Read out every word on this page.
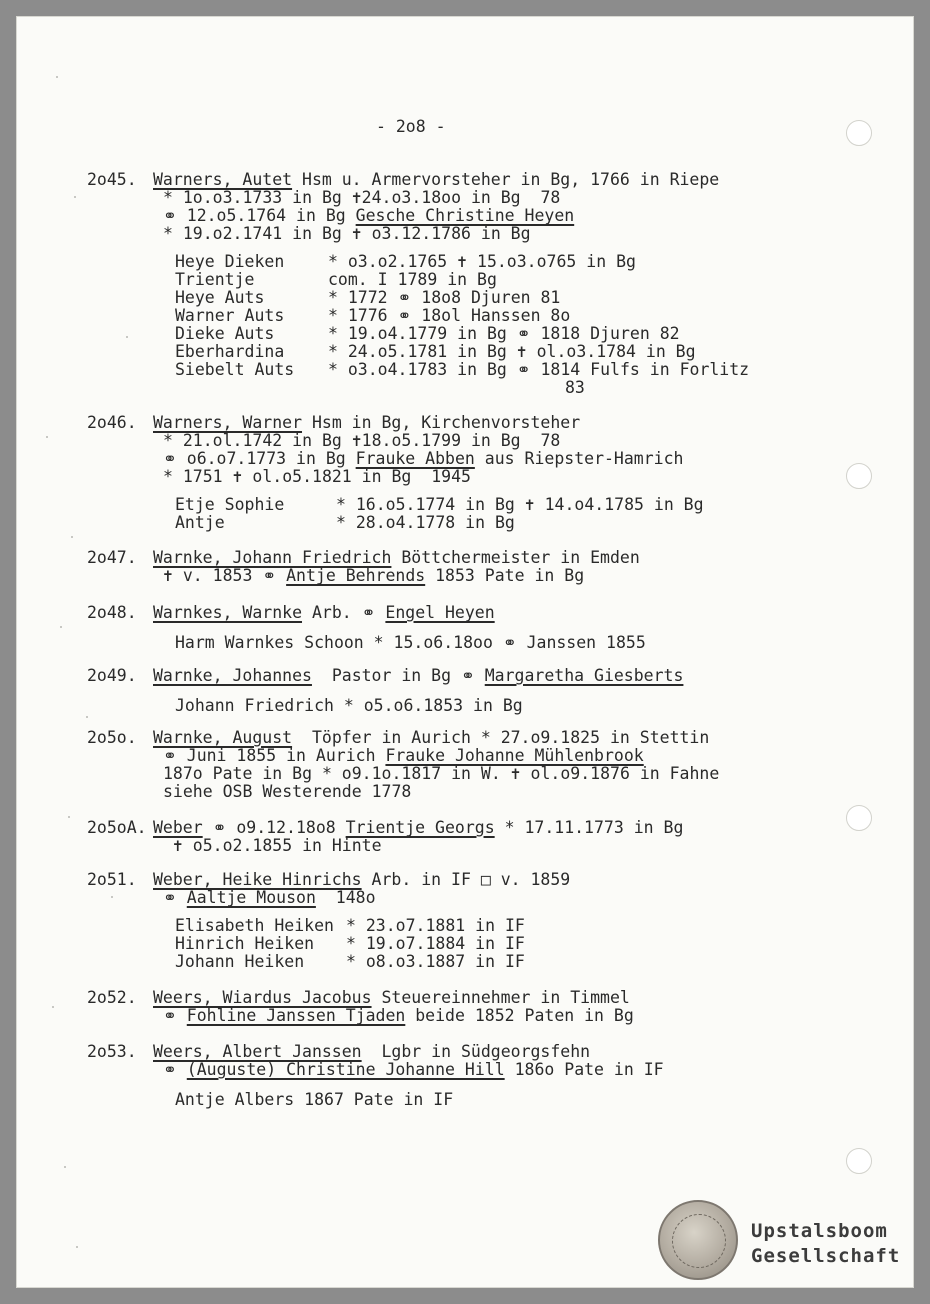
- 2o8 -
2o45. Warners, Autet Hsm u. Armervorsteher in Bg, 1766 in Riepe
* 1o.o3.1733 in Bg ✝24.o3.18oo in Bg  78
⚭ 12.o5.1764 in Bg Gesche Christine Heyen
* 19.o2.1741 in Bg ✝ o3.12.1786 in Bg
Heye Dieken	* o3.o2.1765 ✝ 15.o3.o765 in Bg
Trientje	com. I 1789 in Bg
Heye Auts	* 1772 ⚭ 18o8 Djuren 81
Warner Auts	* 1776 ⚭ 18ol Hanssen 8o
Dieke Auts	* 19.o4.1779 in Bg ⚭ 1818 Djuren 82
Eberhardina	* 24.o5.1781 in Bg ✝ ol.o3.1784 in Bg
Siebelt Auts * o3.o4.1783 in Bg ⚭ 1814 Fulfs in Forlitz
83
2o46. Warners, Warner Hsm in Bg, Kirchenvorsteher
* 21.ol.1742 in Bg ✝18.o5.1799 in Bg  78
⚭ o6.o7.1773 in Bg Frauke Abben aus Riepster-Hamrich
* 1751 ✝ ol.o5.1821 in Bg  1945
Etje Sophie	* 16.o5.1774 in Bg ✝ 14.o4.1785 in Bg
Antje	* 28.o4.1778 in Bg
2o47. Warnke, Johann Friedrich Böttchermeister in Emden
✝ v. 1853 ⚭ Antje Behrends 1853 Pate in Bg
2o48. Warnkes, Warnke Arb. ⚭ Engel Heyen
Harm Warnkes Schoon * 15.o6.18oo ⚭ Janssen 1855
2o49. Warnke, Johannes  Pastor in Bg ⚭ Margaretha Giesberts
Johann Friedrich * o5.o6.1853 in Bg
2o5o. Warnke, August  Töpfer in Aurich * 27.o9.1825 in Stettin
⚭ Juni 1855 in Aurich Frauke Johanne Mühlenbrook
187o Pate in Bg * o9.1o.1817 in W. ✝ ol.o9.1876 in Fahne
siehe OSB Westerende 1778
2o5oA. Weber ⚭ o9.12.18o8 Trientje Georgs * 17.11.1773 in Bg
✝ o5.o2.1855 in Hinte
2o51. Weber, Heike Hinrichs Arb. in IF □ v. 1859
⚭ Aaltje Mouson  148o
Elisabeth Heiken * 23.o7.1881 in IF
Hinrich Heiken * 19.o7.1884 in IF
Johann Heiken	* o8.o3.1887 in IF
2o52. Weers, Wiardus Jacobus Steuereinnehmer in Timmel
⚭ Fohline Janssen Tjaden beide 1852 Paten in Bg
2o53. Weers, Albert Janssen  Lgbr in Südgeorgsfehn
⚭ (Auguste) Christine Johanne Hill 186o Pate in IF
Antje Albers 1867 Pate in IF
Upstalsboom
Gesellschaft
